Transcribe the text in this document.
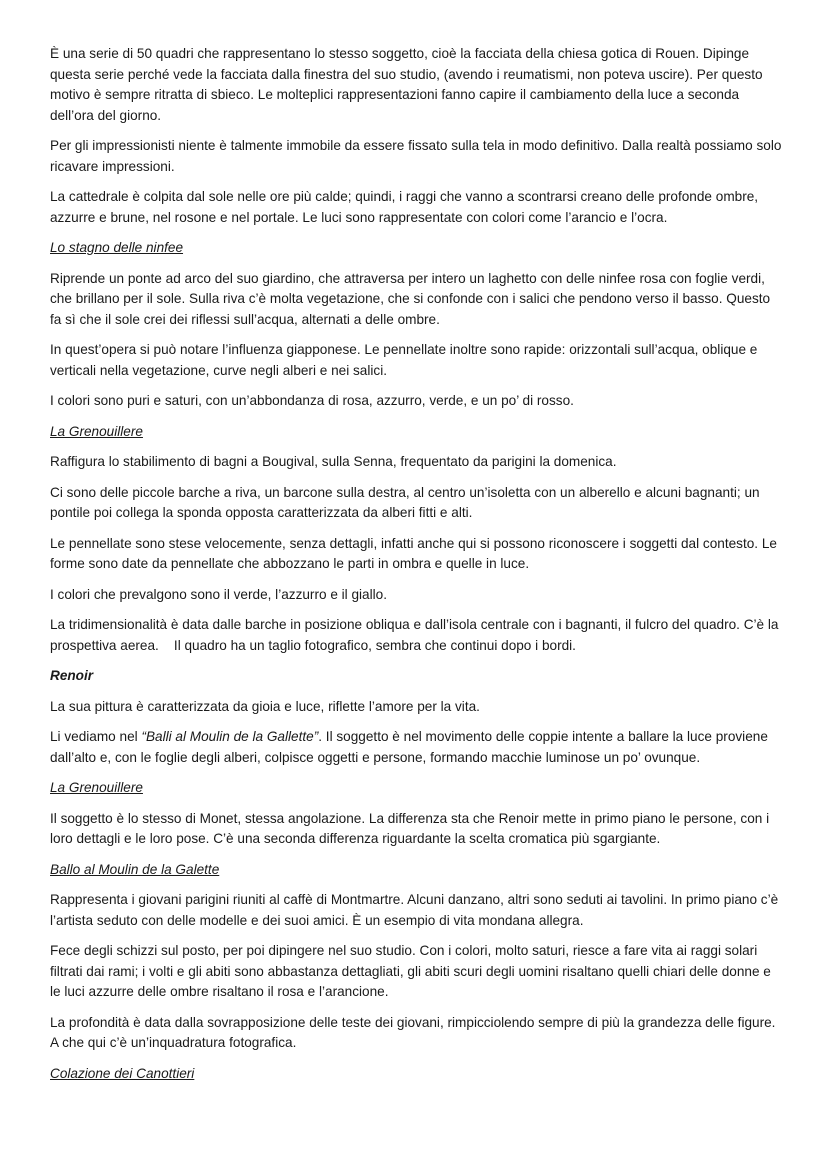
È una serie di 50 quadri che rappresentano lo stesso soggetto, cioè la facciata della chiesa gotica di Rouen. Dipinge questa serie perché vede la facciata dalla finestra del suo studio, (avendo i reumatismi, non poteva uscire). Per questo motivo è sempre ritratta di sbieco. Le molteplici rappresentazioni fanno capire il cambiamento della luce a seconda dell’ora del giorno.

Per gli impressionisti niente è talmente immobile da essere fissato sulla tela in modo definitivo. Dalla realtà possiamo solo ricavare impressioni.

La cattedrale è colpita dal sole nelle ore più calde; quindi, i raggi che vanno a scontrarsi creano delle profonde ombre, azzurre e brune, nel rosone e nel portale. Le luci sono rappresentate con colori come l’arancio e l’ocra.

Lo stagno delle ninfee

Riprende un ponte ad arco del suo giardino, che attraversa per intero un laghetto con delle ninfee rosa con foglie verdi, che brillano per il sole. Sulla riva c’è molta vegetazione, che si confonde con i salici che pendono verso il basso. Questo fa sì che il sole crei dei riflessi sull’acqua, alternati a delle ombre.

In quest’opera si può notare l’influenza giapponese. Le pennellate inoltre sono rapide: orizzontali sull’acqua, oblique e verticali nella vegetazione, curve negli alberi e nei salici.

I colori sono puri e saturi, con un’abbondanza di rosa, azzurro, verde, e un po’ di rosso.

La Grenouillere

Raffigura lo stabilimento di bagni a Bougival, sulla Senna, frequentato da parigini la domenica.

Ci sono delle piccole barche a riva, un barcone sulla destra, al centro un’isoletta con un alberello e alcuni bagnanti; un pontile poi collega la sponda opposta caratterizzata da alberi fitti e alti.

Le pennellate sono stese velocemente, senza dettagli, infatti anche qui si possono riconoscere i soggetti dal contesto. Le forme sono date da pennellate che abbozzano le parti in ombra e quelle in luce.

I colori che prevalgono sono il verde, l’azzurro e il giallo.

La tridimensionalità è data dalle barche in posizione obliqua e dall’isola centrale con i bagnanti, il fulcro del quadro. C’è la prospettiva aerea.    Il quadro ha un taglio fotografico, sembra che continui dopo i bordi.

Renoir

La sua pittura è caratterizzata da gioia e luce, riflette l’amore per la vita.

Li vediamo nel “Balli al Moulin de la Gallette”. Il soggetto è nel movimento delle coppie intente a ballare la luce proviene dall’alto e, con le foglie degli alberi, colpisce oggetti e persone, formando macchie luminose un po’ ovunque.

La Grenouillere

Il soggetto è lo stesso di Monet, stessa angolazione. La differenza sta che Renoir mette in primo piano le persone, con i loro dettagli e le loro pose. C’è una seconda differenza riguardante la scelta cromatica più sgargiante.

Ballo al Moulin de la Galette

Rappresenta i giovani parigini riuniti al caffè di Montmartre. Alcuni danzano, altri sono seduti ai tavolini. In primo piano c’è l’artista seduto con delle modelle e dei suoi amici. È un esempio di vita mondana allegra.

Fece degli schizzi sul posto, per poi dipingere nel suo studio. Con i colori, molto saturi, riesce a fare vita ai raggi solari filtrati dai rami; i volti e gli abiti sono abbastanza dettagliati, gli abiti scuri degli uomini risaltano quelli chiari delle donne e le luci azzurre delle ombre risaltano il rosa e l’arancione.

La profondità è data dalla sovrapposizione delle teste dei giovani, rimpicciolendo sempre di più la grandezza delle figure. A che qui c’è un’inquadratura fotografica.

Colazione dei Canottieri
